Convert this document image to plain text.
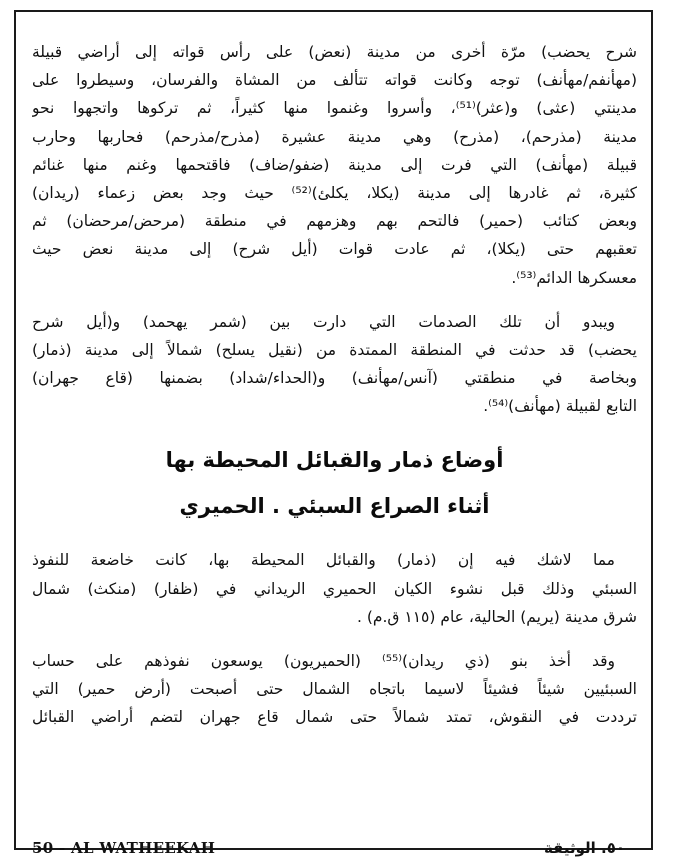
شرح يحضب) مرّة أخرى من مدينة (نعض) على رأس قواته إلى أراضي قبيلة
(مهأنفم/مهأنف) توجه وكانت قواته تتألف من المشاة والفرسان، وسيطروا على
مدينتي (عثى) و(عثر)⁽⁵¹⁾، وأسروا وغنموا منها كثيراً، ثم تركوها واتجهوا نحو
مدينة (مذرحم)، (مذرح) وهي مدينة عشيرة (مذرح/مذرحم) فحاربها وحارب
قبيلة (مهأنف) التي فرت إلى مدينة (ضفو/ضاف) فاقتحمها وغنم منها غنائم
كثيرة، ثم غادرها إلى مدينة (يكلا، يكلئ)⁽⁵²⁾ حيث وجد بعض زعماء (ريدان)
وبعض كتائب (حمير) فالتحم بهم وهزمهم في منطقة (مرحض/مرحضان) ثم
تعقبهم حتى (يكلا)، ثم عادت قوات (أيل شرح) إلى مدينة نعض حيث
معسكرها الدائم⁽⁵³⁾.
ويبدو أن تلك الصدمات التي دارت بين (شمر يهحمد) و(أيل شرح
يحضب) قد حدثت في المنطقة الممتدة من (نقيل يسلح) شمالاً إلى مدينة (ذمار)
وبخاصة في منطقتي (آنس/مهأنف) و(الحداء/شداد) بضمنها (قاع جهران)
التابع لقبيلة (مهأنف)⁽⁵⁴⁾.
أوضاع ذمار والقبائل المحيطة بها
أثناء الصراع السبئي . الحميري
مما لاشك فيه إن (ذمار) والقبائل المحيطة بها، كانت خاضعة للنفوذ
السبئي وذلك قبل نشوء الكيان الحميري الريداني في (ظفار) (منكث) شمال
شرق مدينة (يريم) الحالية، عام (١١٥ ق.م) .
وقد أخذ بنو (ذي ريدان)⁽⁵⁵⁾ (الحميريون) يوسعون نفوذهم على حساب
السبئيين شيئاً فشيئاً لاسيما باتجاه الشمال حتى أصبحت (أرض حمير) التي
ترددت في النقوش، تمتد شمالاً حتى شمال قاع جهران لتضم أراضي القبائل
50 - AL WATHEEKAH	٥٠. الوثيقة
